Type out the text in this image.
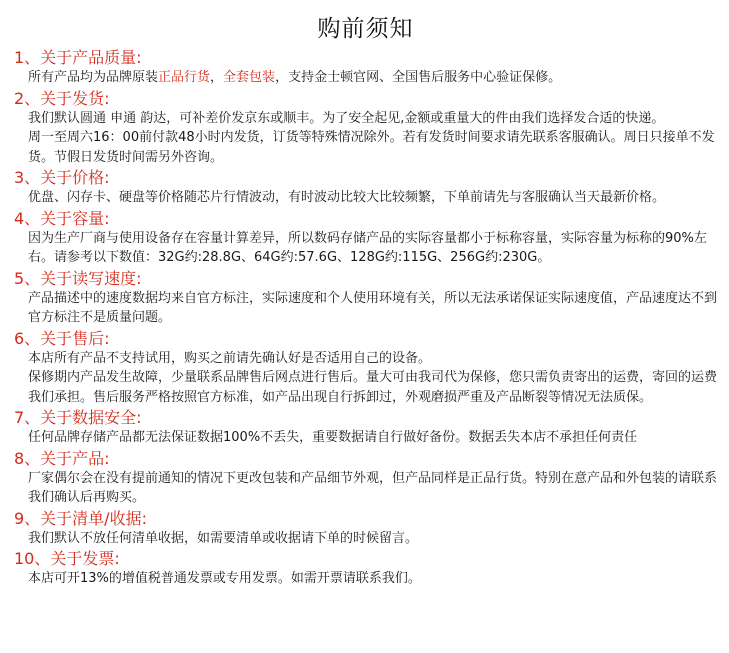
购前须知
1、关于产品质量:
所有产品均为品牌原装正品行货，全套包装，支持金士顿官网、全国售后服务中心验证保修。
2、关于发货:
我们默认圆通 申通 韵达，可补差价发京东或顺丰。为了安全起见,金额或重量大的件由我们选择发合适的快递。
周一至周六16：00前付款48小时内发货，订货等特殊情况除外。若有发货时间要求请先联系客服确认。周日只接单不发货。节假日发货时间需另外咨询。
3、关于价格:
优盘、闪存卡、硬盘等价格随芯片行情波动，有时波动比较大比较频繁，下单前请先与客服确认当天最新价格。
4、关于容量:
因为生产厂商与使用设备存在容量计算差异，所以数码存储产品的实际容量都小于标称容量，实际容量为标称的90%左右。请参考以下数值：32G约:28.8G、64G约:57.6G、128G约:115G、256G约:230G。
5、关于读写速度:
产品描述中的速度数据均来自官方标注，实际速度和个人使用环境有关，所以无法承诺保证实际速度值，产品速度达不到官方标注不是质量问题。
6、关于售后:
本店所有产品不支持试用，购买之前请先确认好是否适用自己的设备。
保修期内产品发生故障，少量联系品牌售后网点进行售后。量大可由我司代为保修，您只需负责寄出的运费，寄回的运费我们承担。售后服务严格按照官方标准，如产品出现自行拆卸过，外观磨损严重及产品断裂等情况无法质保。
7、关于数据安全:
任何品牌存储产品都无法保证数据100%不丢失，重要数据请自行做好备份。数据丢失本店不承担任何责任
8、关于产品:
厂家偶尔会在没有提前通知的情况下更改包装和产品细节外观，但产品同样是正品行货。特别在意产品和外包装的请联系我们确认后再购买。
9、关于清单/收据:
我们默认不放任何清单收据，如需要清单或收据请下单的时候留言。
10、关于发票:
本店可开13%的增值税普通发票或专用发票。如需开票请联系我们。
